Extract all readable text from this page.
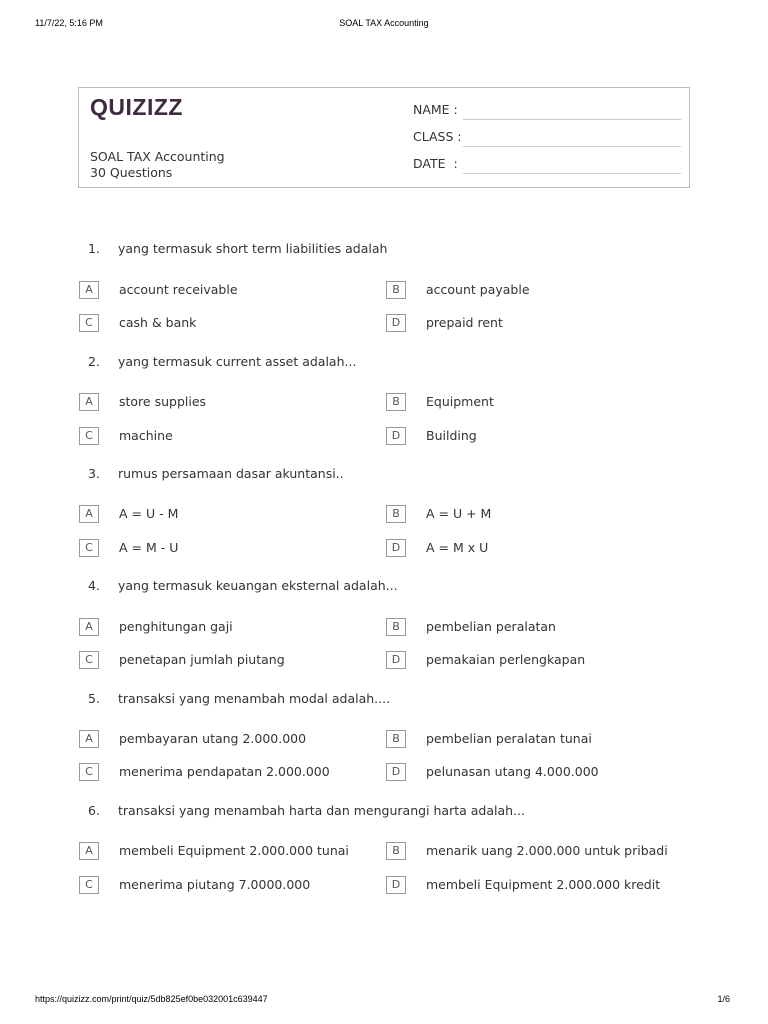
11/7/22, 5:16 PM	SOAL TAX Accounting
QUIZIZZ
SOAL TAX Accounting
30 Questions
NAME :
CLASS :
DATE  :
1. yang termasuk short term liabilities adalah
A	account receivable	B	account payable
C	cash & bank	D	prepaid rent
2. yang termasuk current asset adalah...
A	store supplies	B	Equipment
C	machine	D	Building
3. rumus persamaan dasar akuntansi..
A	A = U - M	B	A = U + M
C	A = M - U	D	A = M x U
4. yang termasuk keuangan eksternal adalah...
A	penghitungan gaji	B	pembelian peralatan
C	penetapan jumlah piutang	D	pemakaian perlengkapan
5. transaksi yang menambah modal adalah....
A	pembayaran utang 2.000.000	B	pembelian peralatan tunai
C	menerima pendapatan 2.000.000	D	pelunasan utang 4.000.000
6. transaksi yang menambah harta dan mengurangi harta adalah...
A	membeli Equipment 2.000.000 tunai	B	menarik uang 2.000.000 untuk pribadi
C	menerima piutang 7.0000.000	D	membeli Equipment 2.000.000 kredit
https://quizizz.com/print/quiz/5db825ef0be032001c639447	1/6
